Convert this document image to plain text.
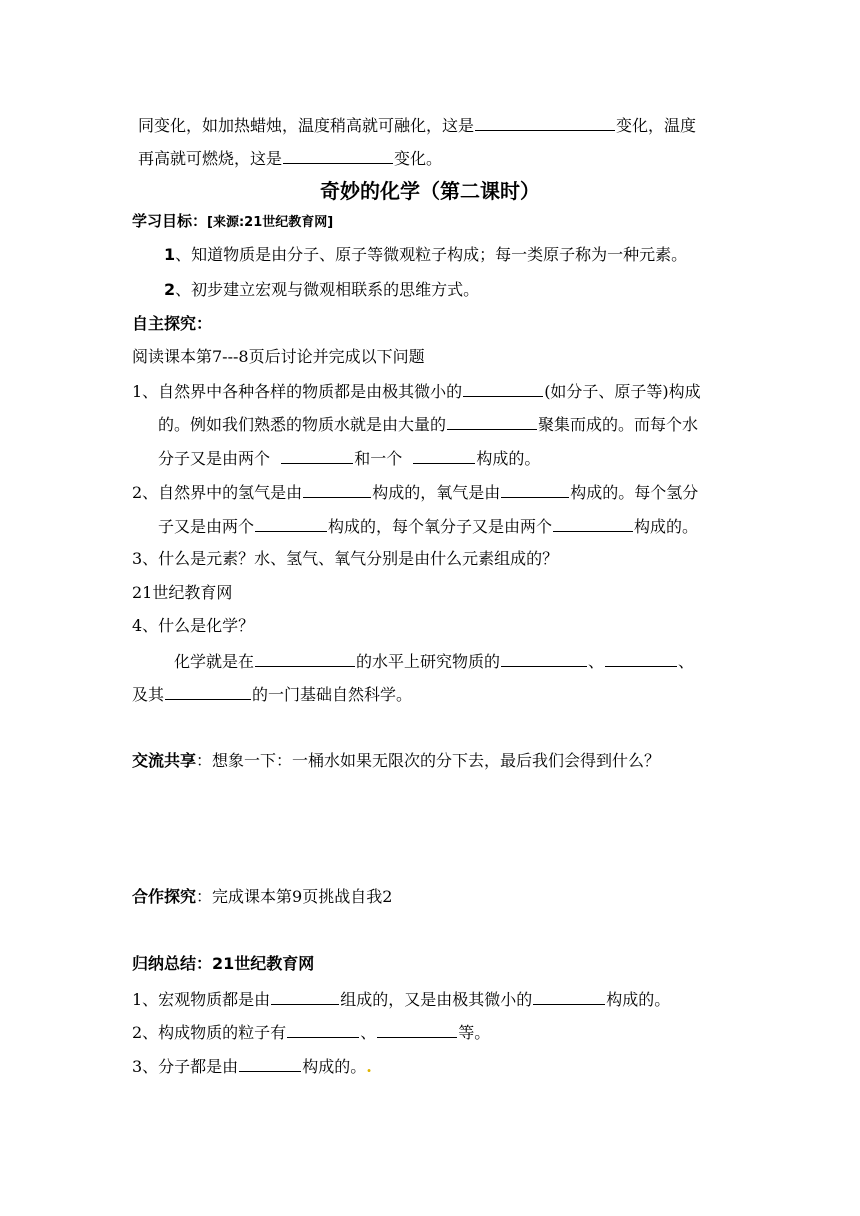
同变化，如加热蜡烛，温度稍高就可融化，这是	变化，温度
再高就可燃烧，这是	变化。
奇妙的化学（第二课时）
学习目标：[来源:21世纪教育网]
1、知道物质是由分子、原子等微观粒子构成；每一类原子称为一种元素。
2、初步建立宏观与微观相联系的思维方式。
自主探究：
阅读课本第7---8页后讨论并完成以下问题
1、自然界中各种各样的物质都是由极其微小的	(如分子、原子等)构成
的。例如我们熟悉的物质水就是由大量的	聚集而成的。而每个水
分子又是由两个	和一个	构成的。
2、自然界中的氢气是由	构成的，氧气是由	构成的。每个氢分
子又是由两个	构成的，每个氧分子又是由两个	构成的。
3、什么是元素？水、氢气、氧气分别是由什么元素组成的？
21世纪教育网
4、什么是化学？
化学就是在	的水平上研究物质的	、	、
及其	的一门基础自然科学。
交流共享：想象一下：一桶水如果无限次的分下去，最后我们会得到什么？
合作探究：完成课本第9页挑战自我2
归纳总结：21世纪教育网
1、宏观物质都是由	组成的，又是由极其微小的	构成的。
2、构成物质的粒子有	、	等。
3、分子都是由	构成的。.
